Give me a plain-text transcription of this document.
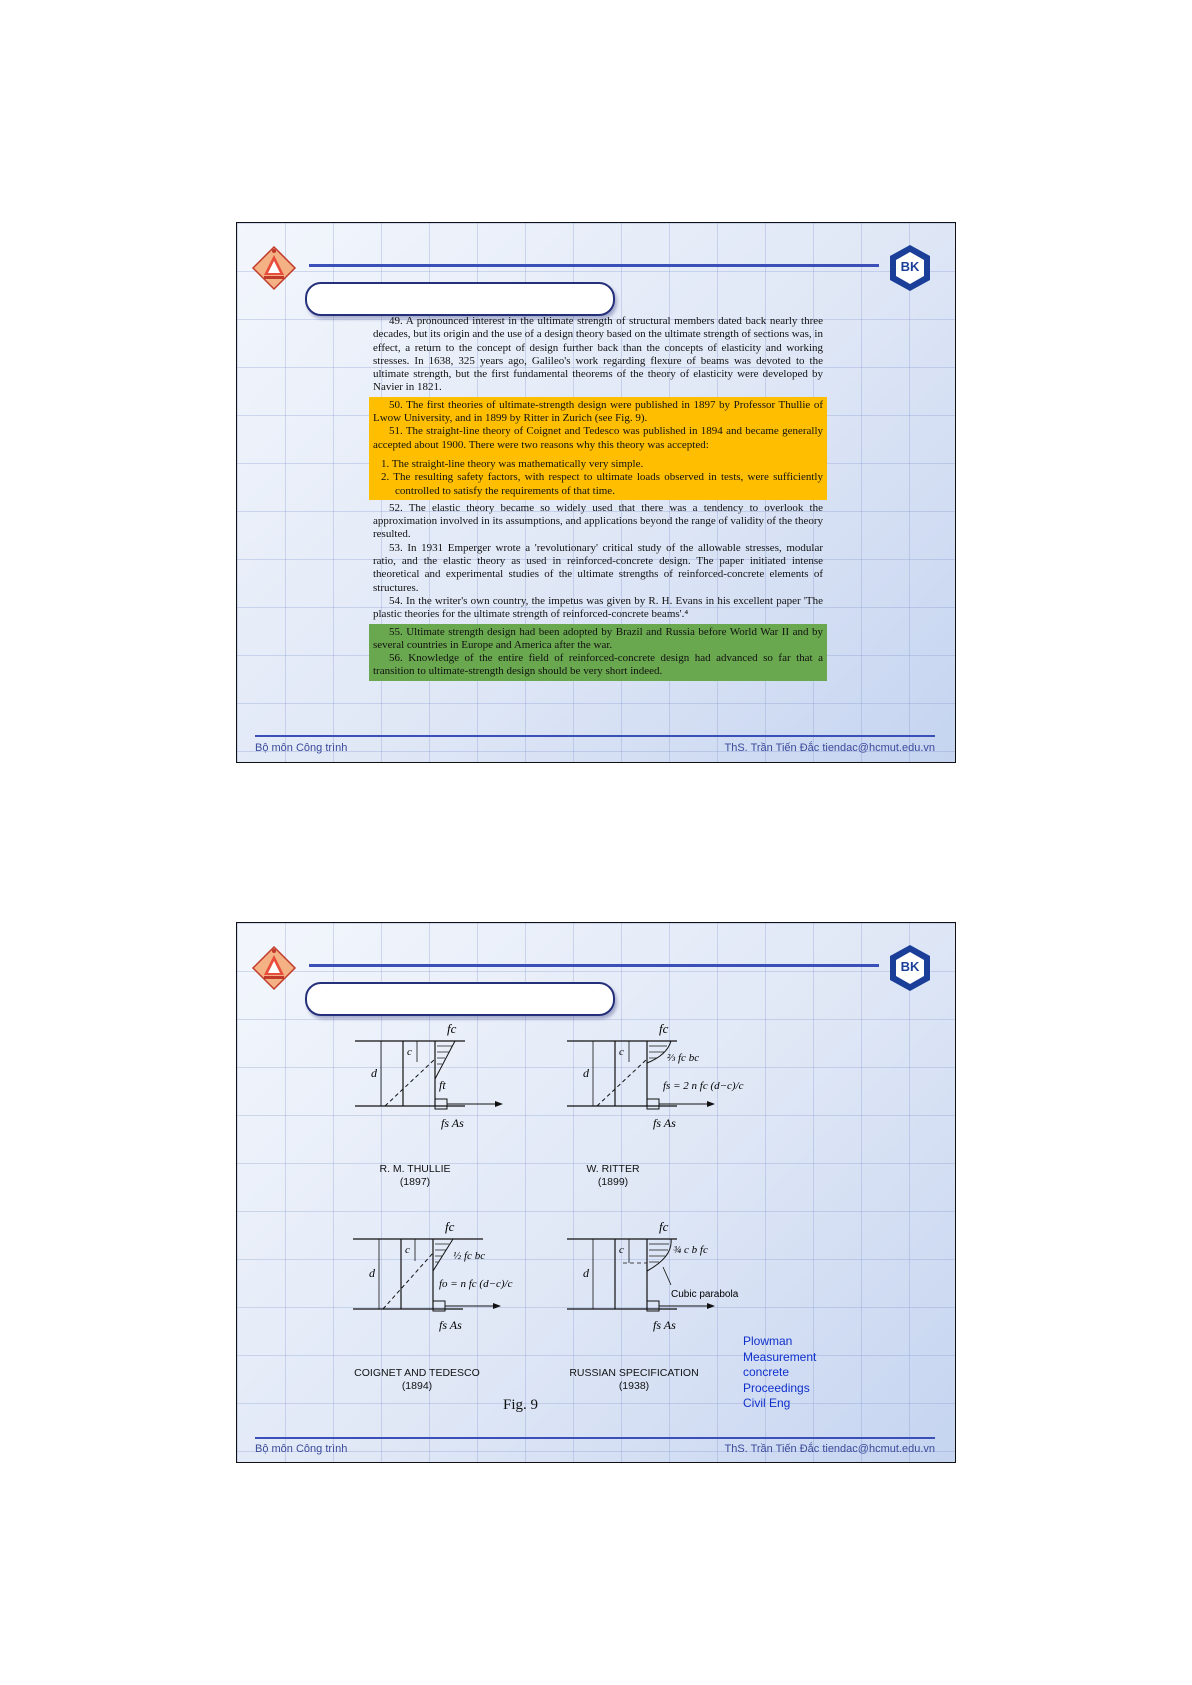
BK

49. A pronounced interest in the ultimate strength of structural members dated back nearly three decades, but its origin and the use of a design theory based on the ultimate strength of sections was, in effect, a return to the concept of design further back than the concepts of elasticity and working stresses. In 1638, 325 years ago, Galileo's work regarding flexure of beams was devoted to the ultimate strength, but the first fundamental theorems of the theory of elasticity were developed by Navier in 1821.

50. The first theories of ultimate-strength design were published in 1897 by Professor Thullie of Lwow University, and in 1899 by Ritter in Zurich (see Fig. 9).

51. The straight-line theory of Coignet and Tedesco was published in 1894 and became generally accepted about 1900. There were two reasons why this theory was accepted:

1. The straight-line theory was mathematically very simple.

2. The resulting safety factors, with respect to ultimate loads observed in tests, were sufficiently controlled to satisfy the requirements of that time.

52. The elastic theory became so widely used that there was a tendency to overlook the approximation involved in its assumptions, and applications beyond the range of validity of the theory resulted.

53. In 1931 Emperger wrote a 'revolutionary' critical study of the allowable stresses, modular ratio, and the elastic theory as used in reinforced-concrete design. The paper initiated intense theoretical and experimental studies of the ultimate strengths of reinforced-concrete elements of structures.

54. In the writer's own country, the impetus was given by R. H. Evans in his excellent paper 'The plastic theories for the ultimate strength of reinforced-concrete beams'.⁴

55. Ultimate strength design had been adopted by Brazil and Russia before World War II and by several countries in Europe and America after the war.

56. Knowledge of the entire field of reinforced-concrete design had advanced so far that a transition to ultimate-strength design should be very short indeed.

Bộ môn Công trình	ThS. Trần Tiến Đắc tiendac@hcmut.edu.vn
BK
fc
d
c
ft
fs As
R. M. THULLIE
(1897)
fc
d
c	⅔ fc bc
fs = 2 n fc (d−c)/c
fs As
W. RITTER
(1899)
fc
d
c	½ fc bc
fo = n fc (d−c)/c
fs As
COIGNET AND TEDESCO
(1894)
fc
d
c	¾ c b fc
Cubic parabola
fs As
RUSSIAN SPECIFICATION
(1938)
Fig. 9
Plowman
Measurement
concrete
Proceedings
Civil Eng
Bộ môn Công trình	ThS. Trần Tiến Đắc tiendac@hcmut.edu.vn
